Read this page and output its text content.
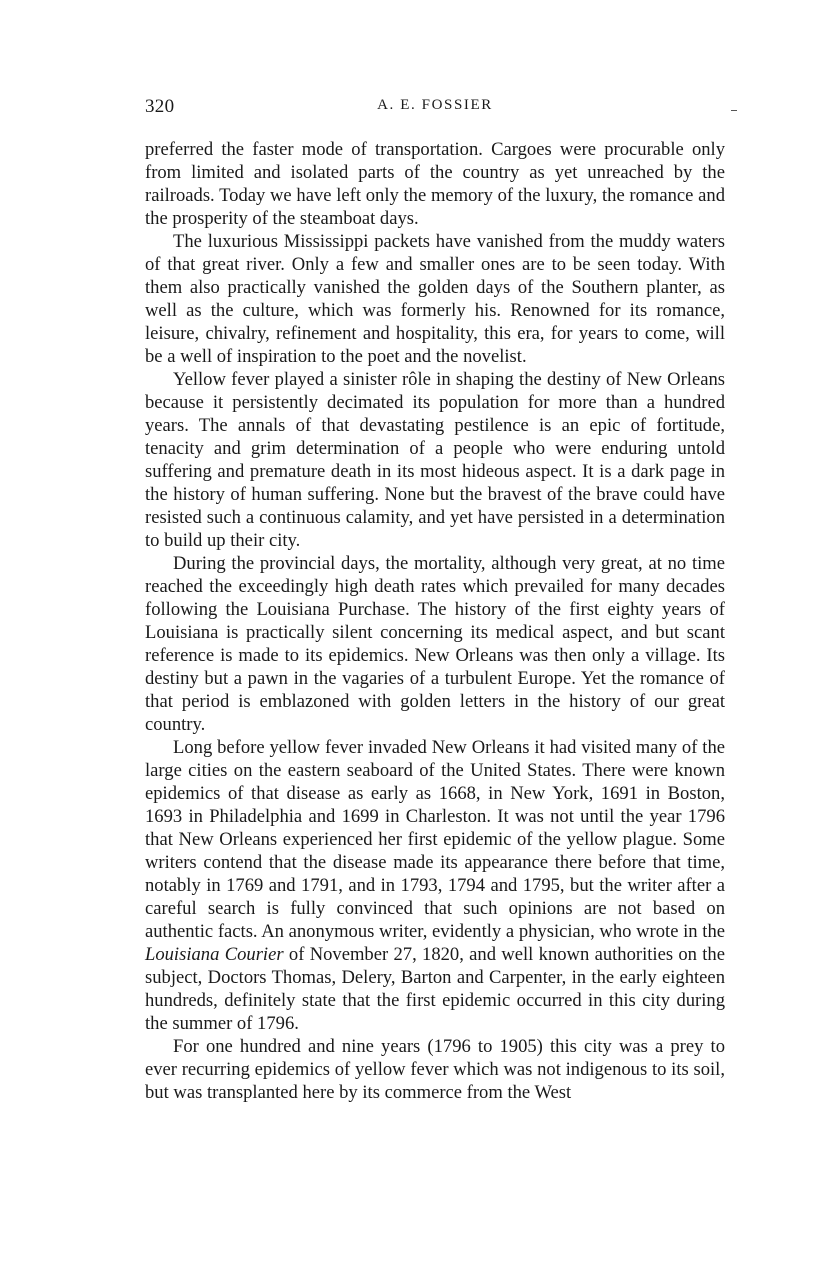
320	A. E. FOSSIER

preferred the faster mode of transportation. Cargoes were procurable only from limited and isolated parts of the country as yet unreached by the railroads. Today we have left only the memory of the luxury, the romance and the prosperity of the steamboat days.

The luxurious Mississippi packets have vanished from the muddy waters of that great river. Only a few and smaller ones are to be seen today. With them also practically vanished the golden days of the Southern planter, as well as the culture, which was formerly his. Renowned for its romance, leisure, chivalry, refinement and hospitality, this era, for years to come, will be a well of inspiration to the poet and the novelist.

Yellow fever played a sinister rôle in shaping the destiny of New Orleans because it persistently decimated its population for more than a hundred years. The annals of that devastating pestilence is an epic of fortitude, tenacity and grim determination of a people who were enduring untold suffering and premature death in its most hideous aspect. It is a dark page in the history of human suffering. None but the bravest of the brave could have resisted such a continuous calamity, and yet have persisted in a determination to build up their city.

During the provincial days, the mortality, although very great, at no time reached the exceedingly high death rates which prevailed for many decades following the Louisiana Purchase. The history of the first eighty years of Louisiana is practically silent concerning its medical aspect, and but scant reference is made to its epidemics. New Orleans was then only a village. Its destiny but a pawn in the vagaries of a turbulent Europe. Yet the romance of that period is emblazoned with golden letters in the history of our great country.

Long before yellow fever invaded New Orleans it had visited many of the large cities on the eastern seaboard of the United States. There were known epidemics of that disease as early as 1668, in New York, 1691 in Boston, 1693 in Philadelphia and 1699 in Charleston. It was not until the year 1796 that New Orleans experienced her first epidemic of the yellow plague. Some writers contend that the disease made its appearance there before that time, notably in 1769 and 1791, and in 1793, 1794 and 1795, but the writer after a careful search is fully convinced that such opinions are not based on authentic facts. An anonymous writer, evidently a physician, who wrote in the Louisiana Courier of November 27, 1820, and well known authorities on the subject, Doctors Thomas, Delery, Barton and Carpenter, in the early eighteen hundreds, definitely state that the first epidemic occurred in this city during the summer of 1796.

For one hundred and nine years (1796 to 1905) this city was a prey to ever recurring epidemics of yellow fever which was not indigenous to its soil, but was transplanted here by its commerce from the West
